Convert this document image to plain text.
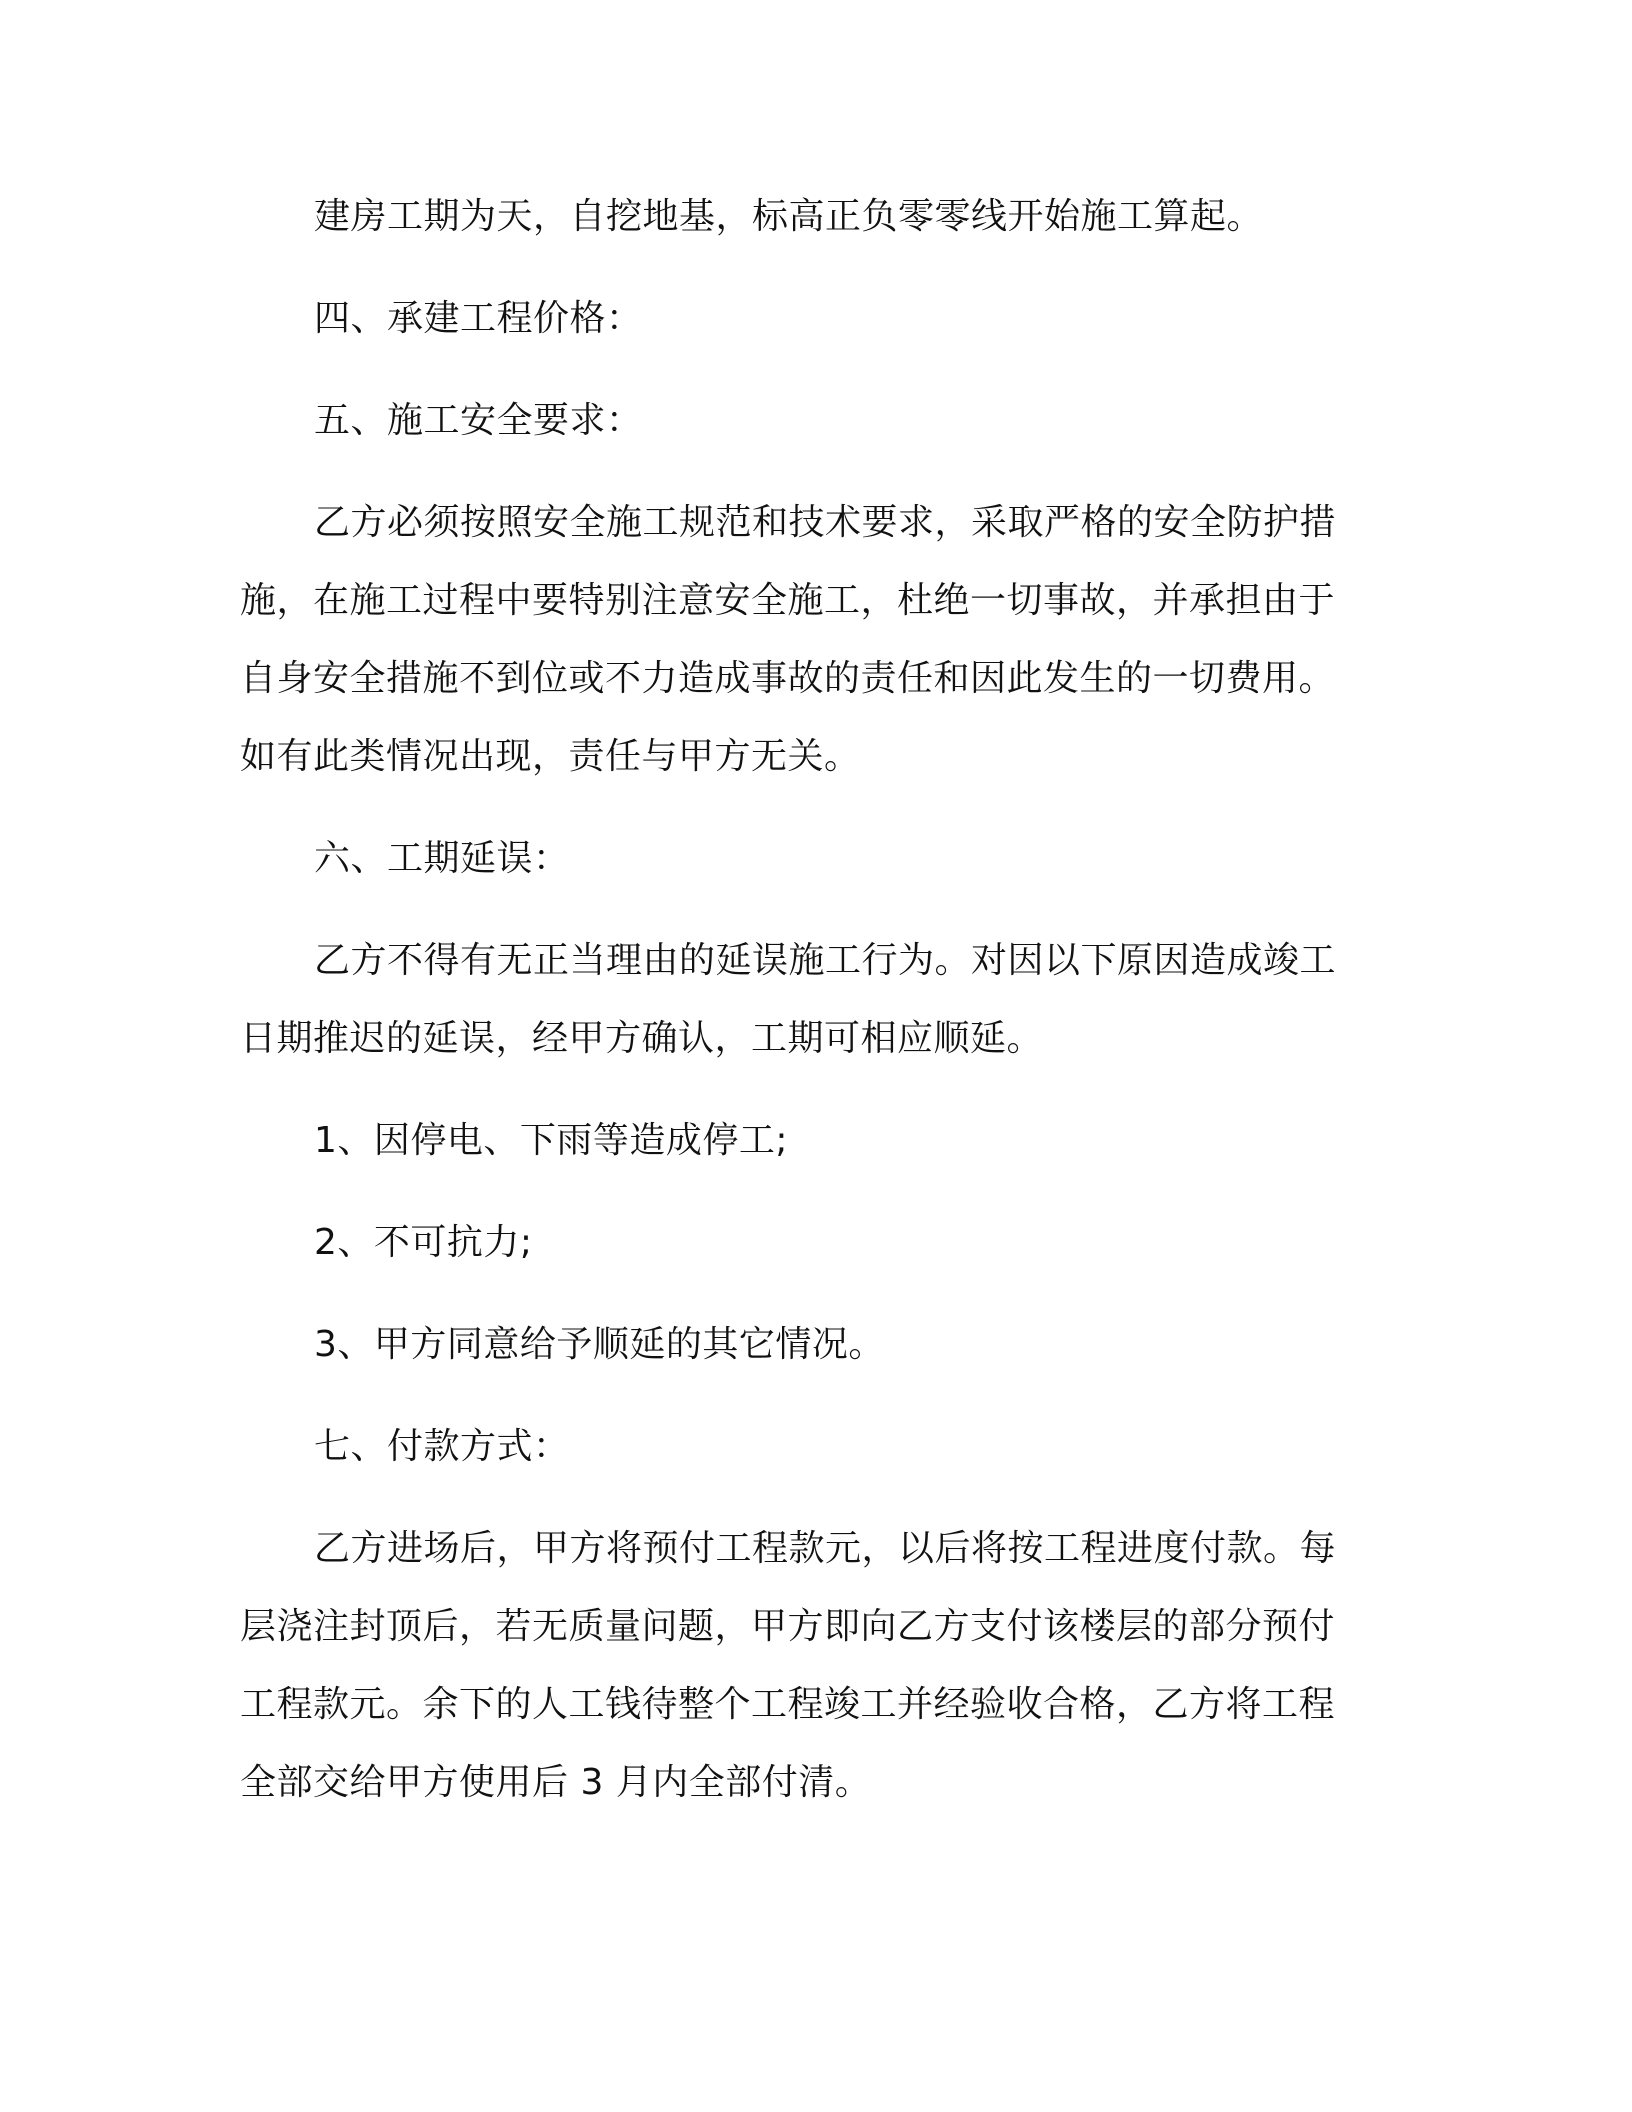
建房工期为天，自挖地基，标高正负零零线开始施工算起。

四、承建工程价格：

五、施工安全要求：

乙方必须按照安全施工规范和技术要求，采取严格的安全防护措

施，在施工过程中要特别注意安全施工，杜绝一切事故，并承担由于

自身安全措施不到位或不力造成事故的责任和因此发生的一切费用。

如有此类情况出现，责任与甲方无关。

六、工期延误：

乙方不得有无正当理由的延误施工行为。对因以下原因造成竣工

日期推迟的延误，经甲方确认，工期可相应顺延。

1、因停电、下雨等造成停工;

2、不可抗力;

3、甲方同意给予顺延的其它情况。

七、付款方式：

乙方进场后，甲方将预付工程款元，以后将按工程进度付款。每

层浇注封顶后，若无质量问题，甲方即向乙方支付该楼层的部分预付

工程款元。余下的人工钱待整个工程竣工并经验收合格，乙方将工程

全部交给甲方使用后 3 月内全部付清。
